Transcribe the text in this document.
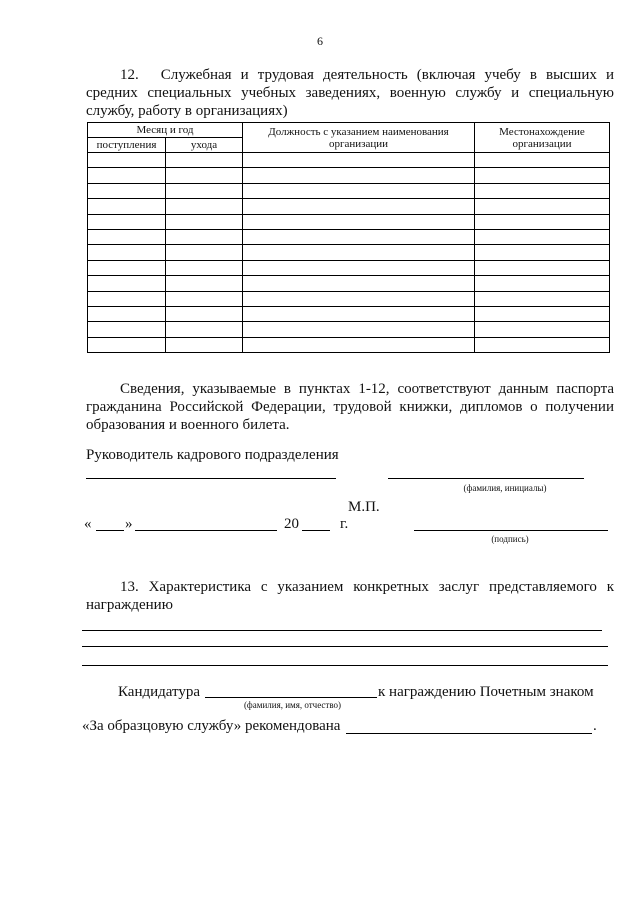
6
12. Служебная и трудовая деятельность (включая учебу в высших и средних специальных учебных заведениях, военную службу и специальную службу, работу в организациях)
Месяц и год		Должность с указанием наименования организации	Местонахождение организации
поступления	ухода		

Сведения, указываемые в пунктах 1-12, соответствуют данным паспорта гражданина Российской Федерации, трудовой книжки, дипломов о получении образования и военного билета.
Руководитель кадрового подразделения
(фамилия, инициалы)
М.П.
« »	20	г.
(подпись)
13. Характеристика с указанием конкретных заслуг представляемого к награждению
Кандидатура
(фамилия, имя, отчество)
к награждению Почетным знаком
«За образцовую службу» рекомендована	.
